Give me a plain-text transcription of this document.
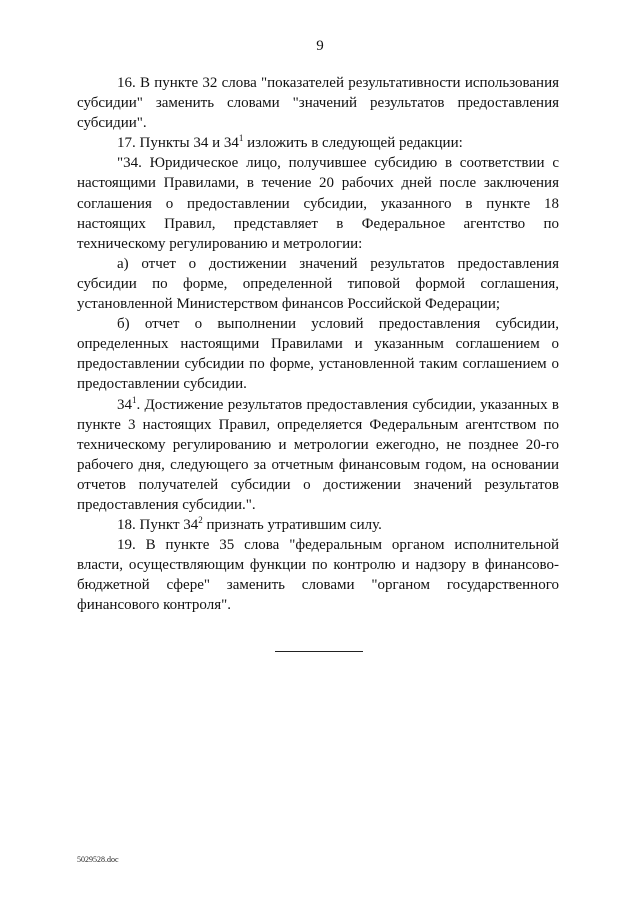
9

16. В пункте 32 слова "показателей результативности использования субсидии" заменить словами "значений результатов предоставления субсидии".

17. Пункты 34 и $34^1$ изложить в следующей редакции:

"34. Юридическое лицо, получившее субсидию в соответствии с настоящими Правилами, в течение 20 рабочих дней после заключения соглашения о предоставлении субсидии, указанного в пункте 18 настоящих Правил, представляет в Федеральное агентство по техническому регулированию и метрологии:

а) отчет о достижении значений результатов предоставления субсидии по форме, определенной типовой формой соглашения, установленной Министерством финансов Российской Федерации;

б) отчет о выполнении условий предоставления субсидии, определенных настоящими Правилами и указанным соглашением о предоставлении субсидии по форме, установленной таким соглашением о предоставлении субсидии.

$34^1$. Достижение результатов предоставления субсидии, указанных в пункте 3 настоящих Правил, определяется Федеральным агентством по техническому регулированию и метрологии ежегодно, не позднее 20-го рабочего дня, следующего за отчетным финансовым годом, на основании отчетов получателей субсидии о достижении значений результатов предоставления субсидии.".

18. Пункт $34^2$ признать утратившим силу.

19. В пункте 35 слова "федеральным органом исполнительной власти, осуществляющим функции по контролю и надзору в финансово-бюджетной сфере" заменить словами "органом государственного финансового контроля".

5029528.doc
